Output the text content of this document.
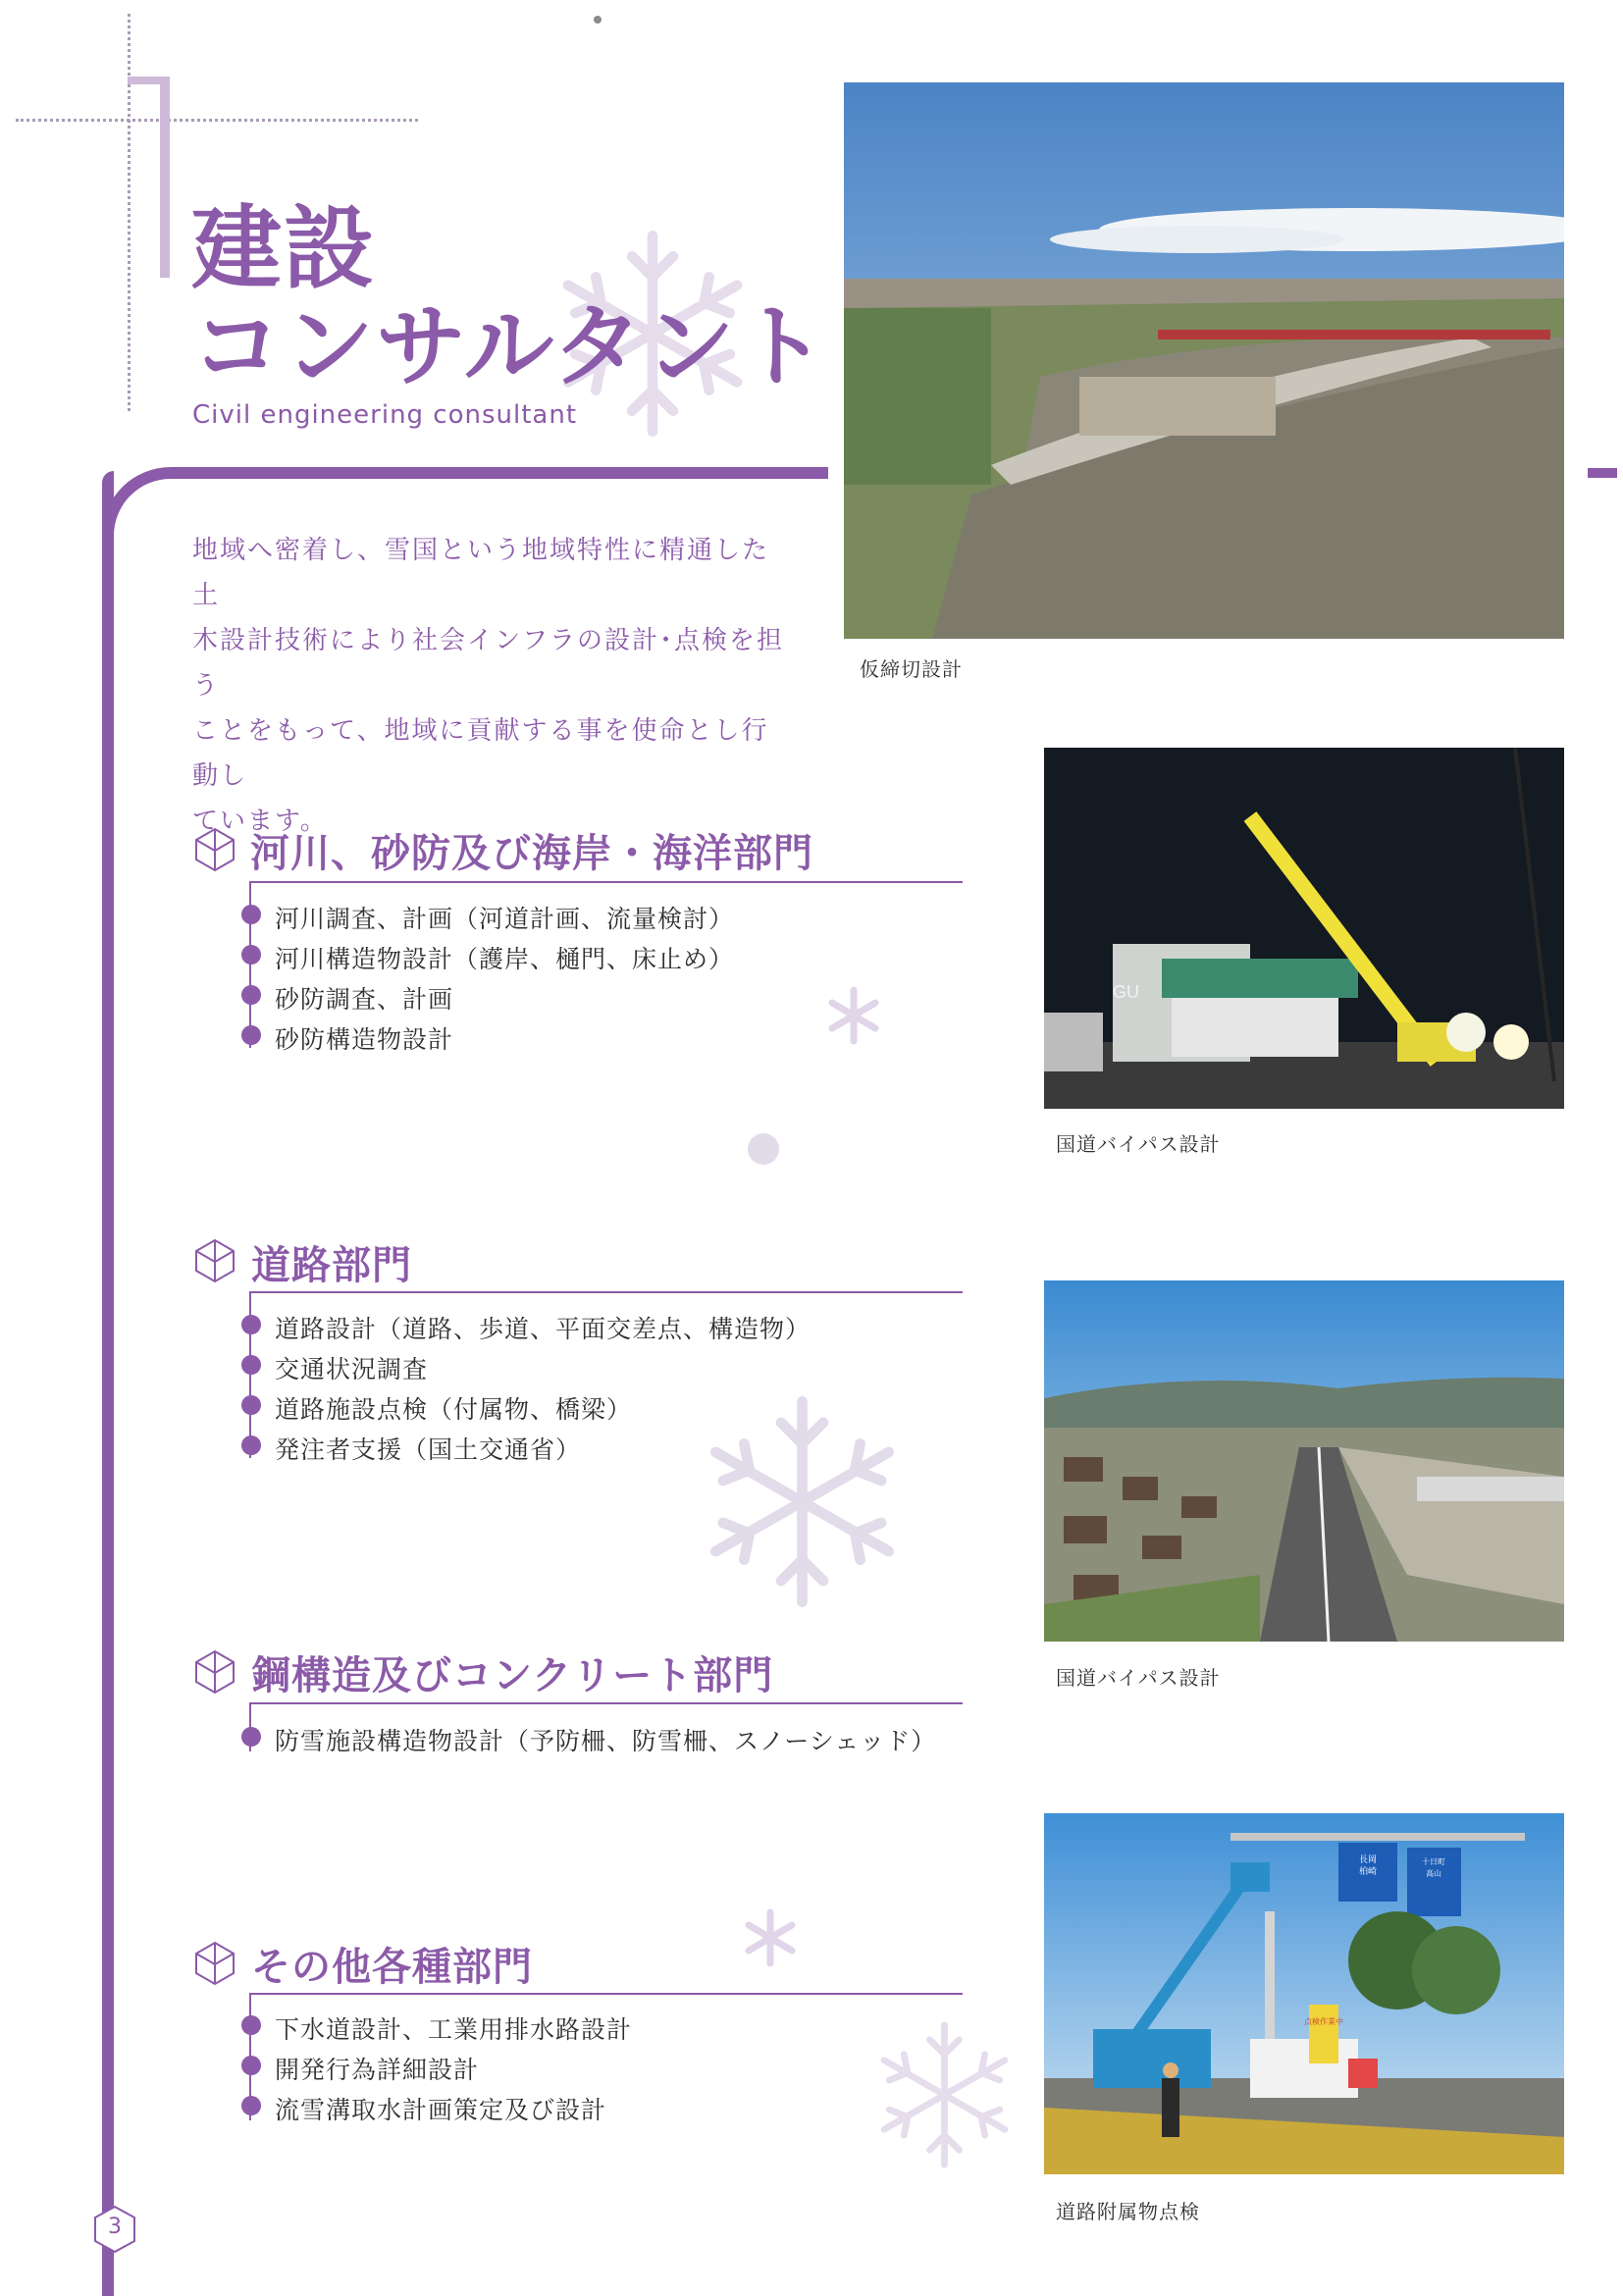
建設
コンサルタント
Civil engineering consultant
地域へ密着し、雪国という地域特性に精通した土
木設計技術により社会インフラの設計･点検を担う
ことをもって、地域に貢献する事を使命とし行動し
ています。
河川、砂防及び海岸・海洋部門
河川調査、計画（河道計画、流量検討）
河川構造物設計（護岸、樋門、床止め）
砂防調査、計画
砂防構造物設計
道路部門
道路設計（道路、歩道、平面交差点、構造物）
交通状況調査
道路施設点検（付属物、橋梁）
発注者支援（国土交通省）
鋼構造及びコンクリート部門
防雪施設構造物設計（予防柵、防雪柵、スノーシェッド）
その他各種部門
下水道設計、工業用排水路設計
開発行為詳細設計
流雪溝取水計画策定及び設計
仮締切設計
GU
国道バイパス設計
国道バイパス設計
長岡
柏崎
十日町
高山
点検作業中
道路附属物点検
3
